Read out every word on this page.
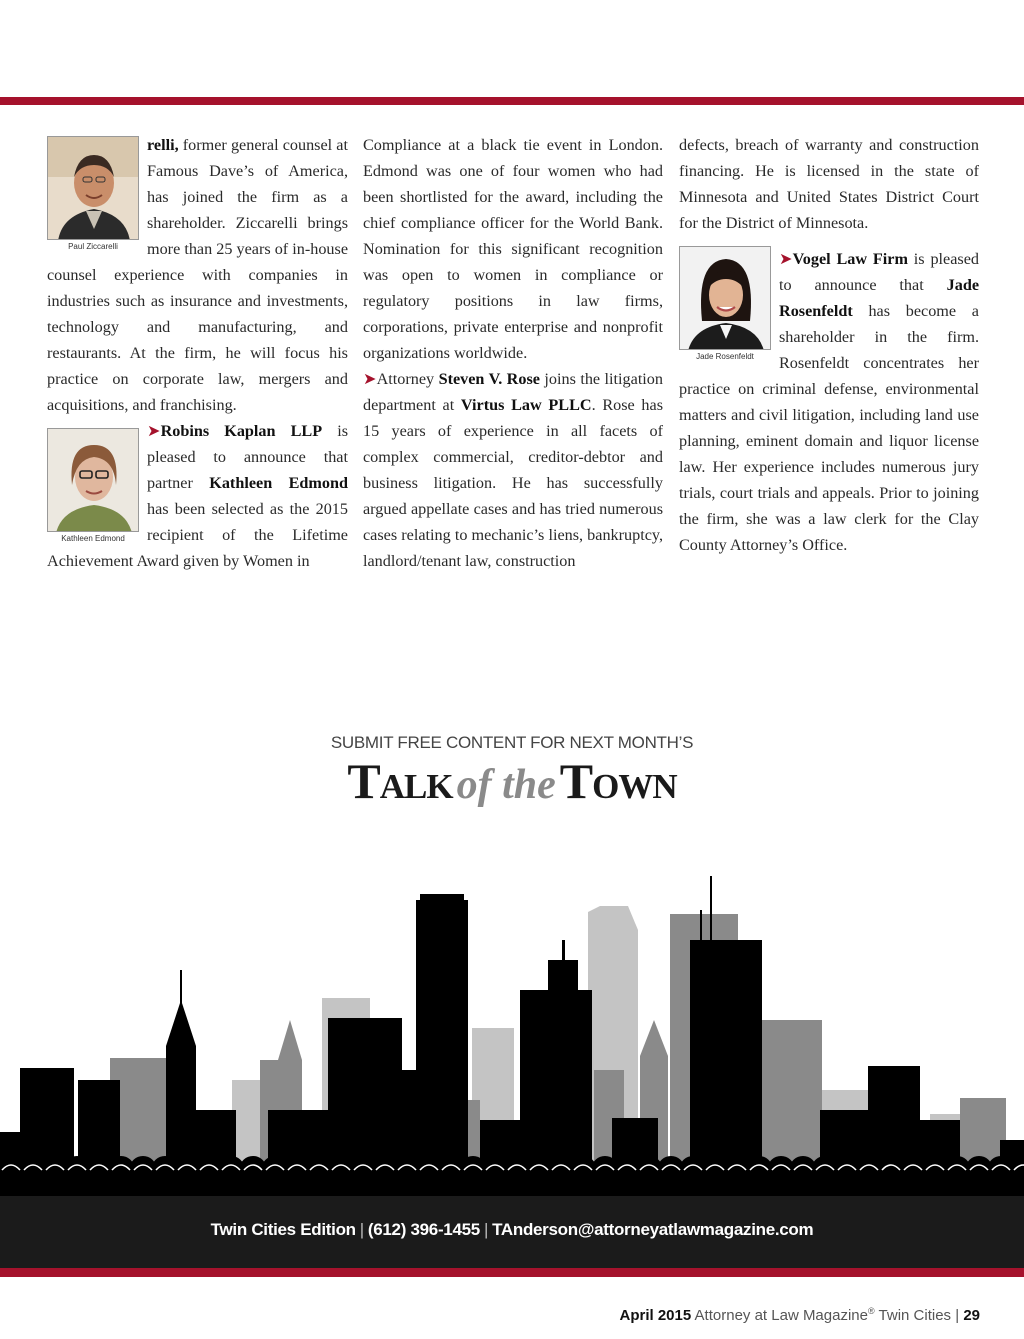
Paul Ziccarelli

relli, former general counsel at Famous Dave’s of America, has joined the firm as a shareholder. Ziccarelli brings more than 25 years of in-house counsel experience with companies in industries such as insurance and investments, technology and manufacturing, and restaurants. At the firm, he will focus his practice on corporate law, mergers and acquisitions, and franchising.

Kathleen Edmond

➤Robins Kaplan LLP is pleased to announce that partner Kathleen Edmond has been selected as the 2015 recipient of the Lifetime Achievement Award given by Women in

Compliance at a black tie event in London. Edmond was one of four women who had been shortlisted for the award, including the chief compliance officer for the World Bank. Nomination for this significant recognition was open to women in compliance or regulatory positions in law firms, corporations, private enterprise and nonprofit organizations worldwide.

➤Attorney Steven V. Rose joins the litigation department at Virtus Law PLLC. Rose has 15 years of experience in all facets of complex commercial, creditor-debtor and business litigation. He has successfully argued appellate cases and has tried numerous cases relating to mechanic’s liens, bankruptcy, landlord/tenant law, construction

defects, breach of warranty and construction financing. He is licensed in the state of Minnesota and United States District Court for the District of Minnesota.

Jade Rosenfeldt

➤Vogel Law Firm is pleased to announce that Jade Rosenfeldt has become a shareholder in the firm. Rosenfeldt concentrates her practice on criminal defense, environmental matters and civil litigation, including land use planning, eminent domain and liquor license law. Her experience includes numerous jury trials, court trials and appeals. Prior to joining the firm, she was a law clerk for the Clay County Attorney’s Office.

SUBMIT FREE CONTENT FOR NEXT MONTH’S
Talk of the Town
Twin Cities Edition | (612) 396-1455 | TAnderson@attorneyatlawmagazine.com
April 2015 Attorney at Law Magazine® Twin Cities | 29
